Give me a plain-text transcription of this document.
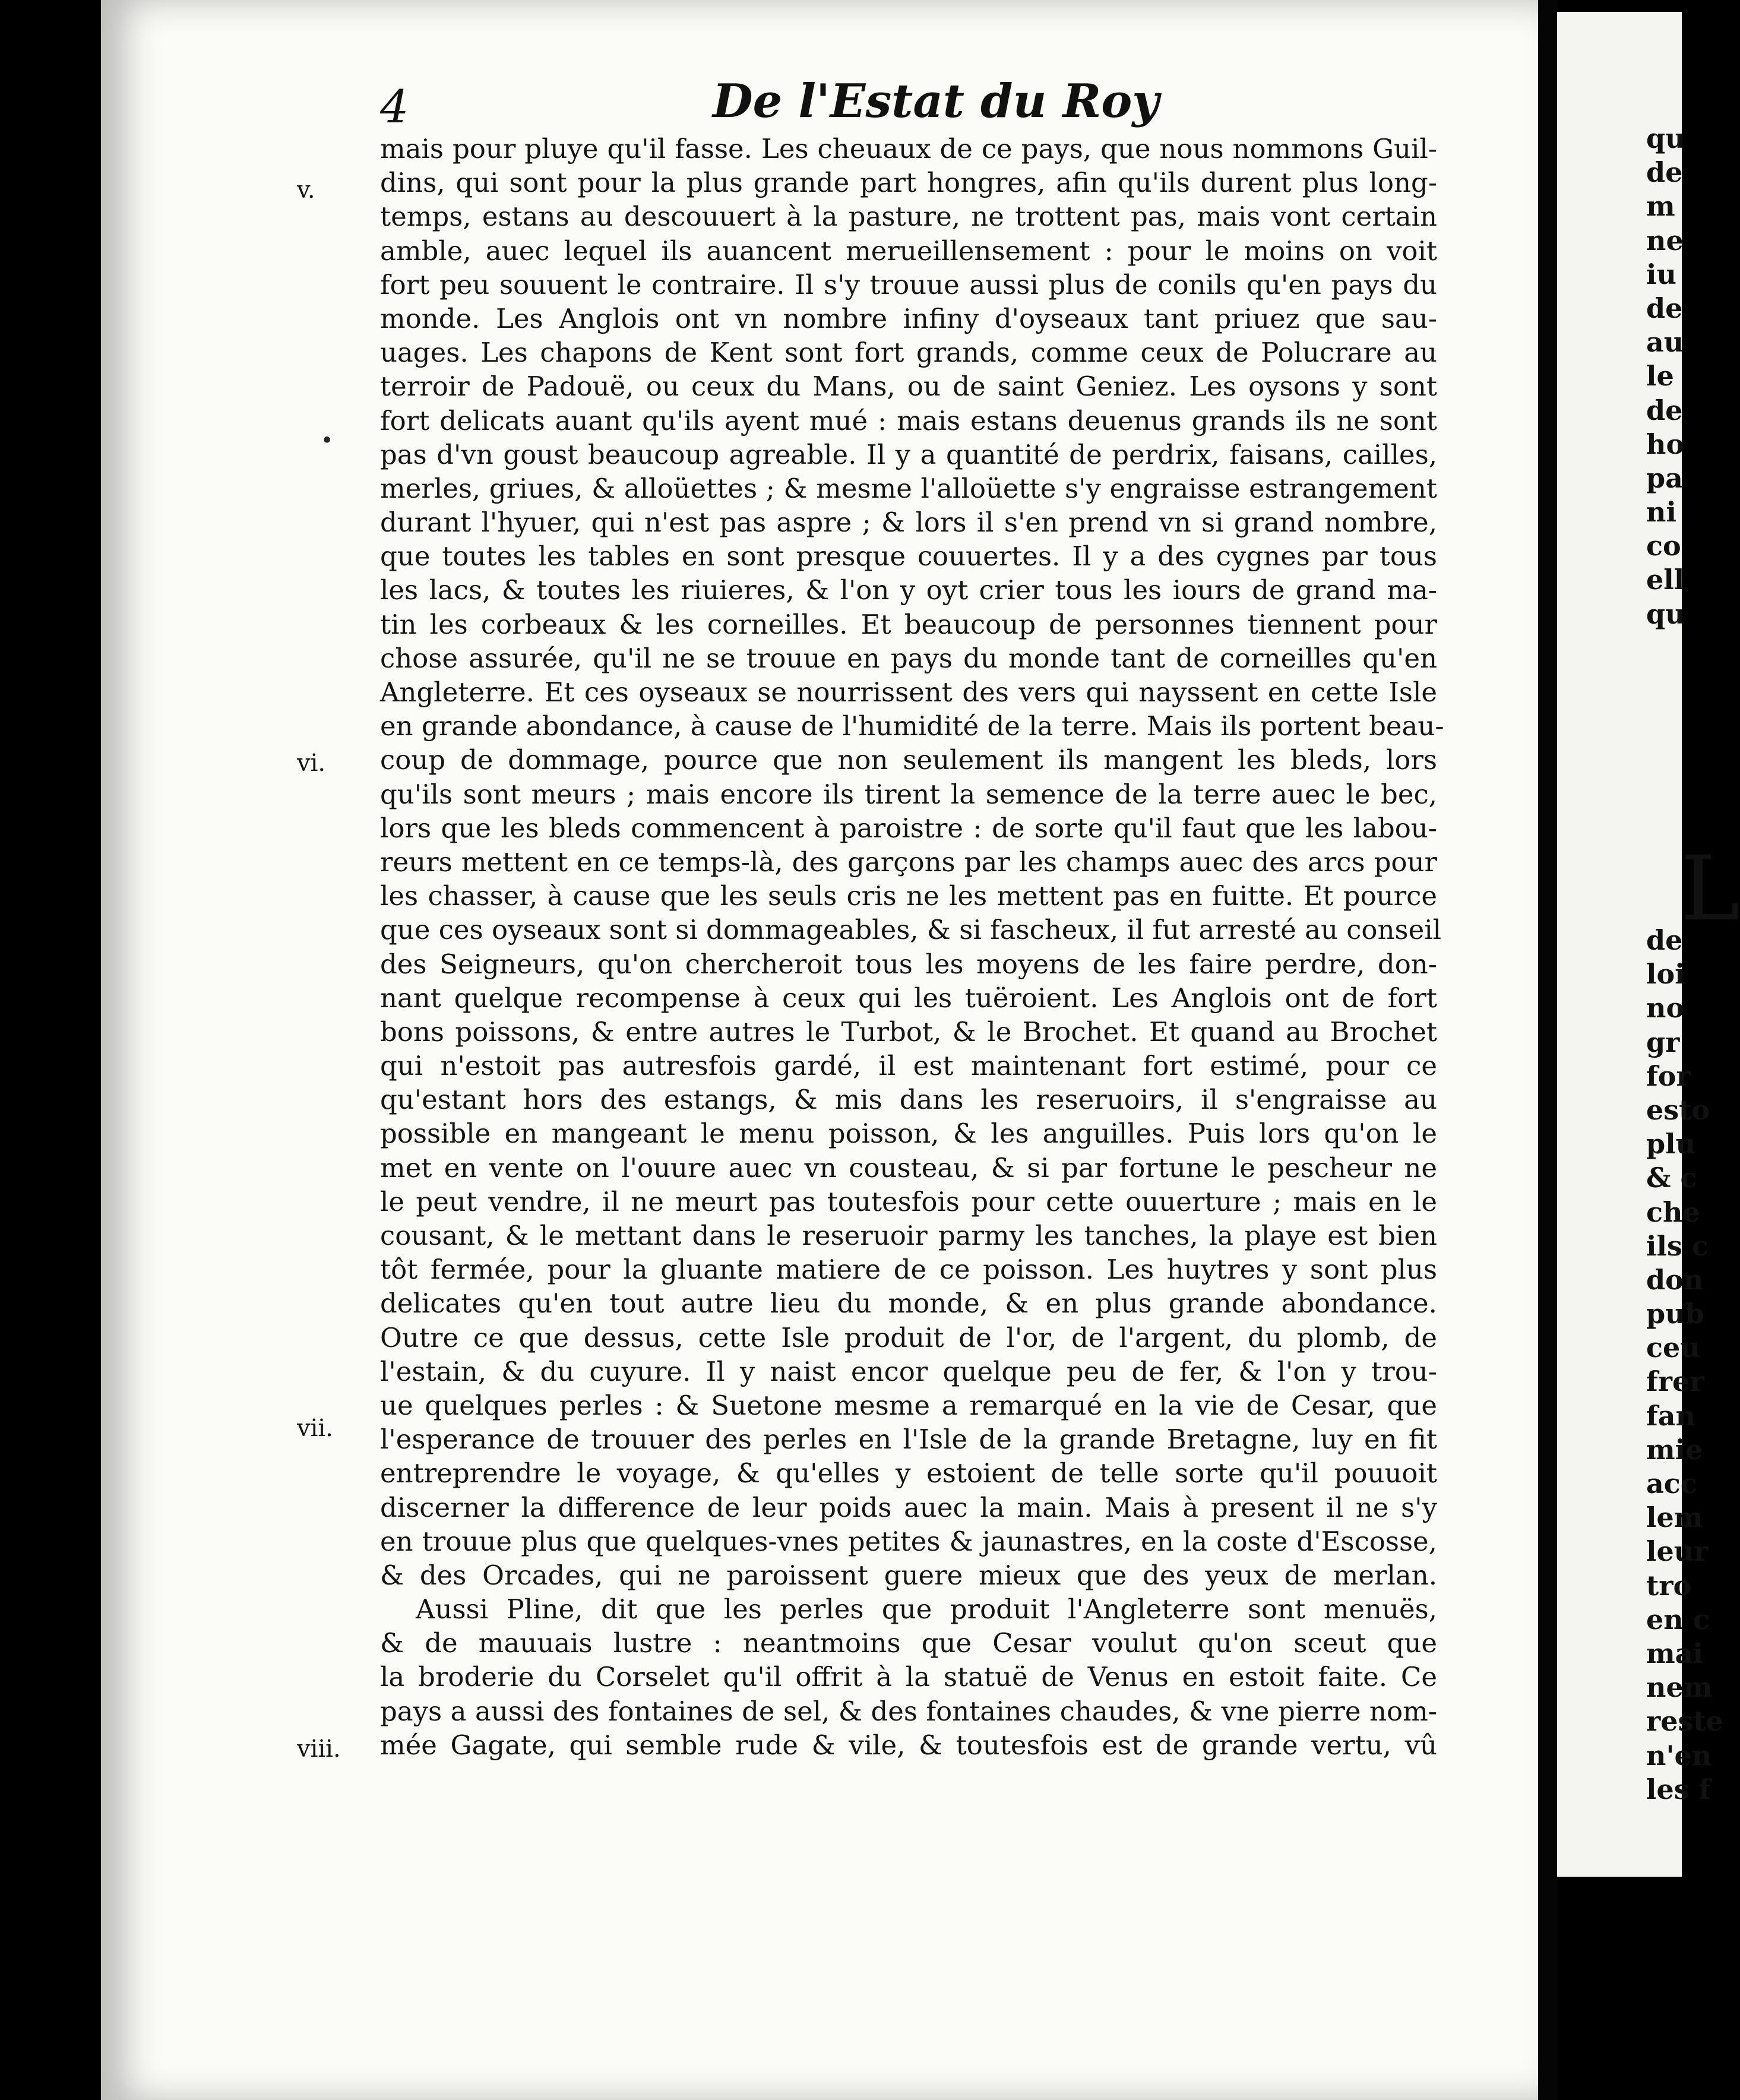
4	De l'Estat du Roy
v.
•
vi.
vii.
viii.
mais pour pluye qu'il fasse. Les cheuaux de ce pays, que nous nommons Guil-
dins, qui sont pour la plus grande part hongres, afin qu'ils durent plus long-
temps, estans au descouuert à la pasture, ne trottent pas, mais vont certain
amble, auec lequel ils auancent merueillensement : pour le moins on voit
fort peu souuent le contraire. Il s'y trouue aussi plus de conils qu'en pays du
monde. Les Anglois ont vn nombre infiny d'oyseaux tant priuez que sau-
uages. Les chapons de Kent sont fort grands, comme ceux de Polucrare au
terroir de Padouë, ou ceux du Mans, ou de saint Geniez. Les oysons y sont
fort delicats auant qu'ils ayent mué : mais estans deuenus grands ils ne sont
pas d'vn goust beaucoup agreable. Il y a quantité de perdrix, faisans, cailles,
merles, griues, & alloüettes ; & mesme l'alloüette s'y engraisse estrangement
durant l'hyuer, qui n'est pas aspre ; & lors il s'en prend vn si grand nombre,
que toutes les tables en sont presque couuertes. Il y a des cygnes par tous
les lacs, & toutes les riuieres, & l'on y oyt crier tous les iours de grand ma-
tin les corbeaux & les corneilles. Et beaucoup de personnes tiennent pour
chose assurée, qu'il ne se trouue en pays du monde tant de corneilles qu'en
Angleterre. Et ces oyseaux se nourrissent des vers qui nayssent en cette Isle
en grande abondance, à cause de l'humidité de la terre. Mais ils portent beau-
coup de dommage, pource que non seulement ils mangent les bleds, lors
qu'ils sont meurs ; mais encore ils tirent la semence de la terre auec le bec,
lors que les bleds commencent à paroistre : de sorte qu'il faut que les labou-
reurs mettent en ce temps-là, des garçons par les champs auec des arcs pour
les chasser, à cause que les seuls cris ne les mettent pas en fuitte. Et pource
que ces oyseaux sont si dommageables, & si fascheux, il fut arresté au conseil
des Seigneurs, qu'on chercheroit tous les moyens de les faire perdre, don-
nant quelque recompense à ceux qui les tuëroient. Les Anglois ont de fort
bons poissons, & entre autres le Turbot, & le Brochet. Et quand au Brochet
qui n'estoit pas autresfois gardé, il est maintenant fort estimé, pour ce
qu'estant hors des estangs, & mis dans les reseruoirs, il s'engraisse au
possible en mangeant le menu poisson, & les anguilles. Puis lors qu'on le
met en vente on l'ouure auec vn cousteau, & si par fortune le pescheur ne
le peut vendre, il ne meurt pas toutesfois pour cette ouuerture ; mais en le
cousant, & le mettant dans le reseruoir parmy les tanches, la playe est bien
tôt fermée, pour la gluante matiere de ce poisson. Les huytres y sont plus
delicates qu'en tout autre lieu du monde, & en plus grande abondance.
Outre ce que dessus, cette Isle produit de l'or, de l'argent, du plomb, de
l'estain, & du cuyure. Il y naist encor quelque peu de fer, & l'on y trou-
ue quelques perles : & Suetone mesme a remarqué en la vie de Cesar, que
l'esperance de trouuer des perles en l'Isle de la grande Bretagne, luy en fit
entreprendre le voyage, & qu'elles y estoient de telle sorte qu'il pouuoit
discerner la difference de leur poids auec la main. Mais à present il ne s'y
en trouue plus que quelques-vnes petites & jaunastres, en la coste d'Escosse,
& des Orcades, qui ne paroissent guere mieux que des yeux de merlan.
Aussi Pline, dit que les perles que produit l'Angleterre sont menuës,
& de mauuais lustre : neantmoins que Cesar voulut qu'on sceut que
la broderie du Corselet qu'il offrit à la statuë de Venus en estoit faite. Ce
pays a aussi des fontaines de sel, & des fontaines chaudes, & vne pierre nom-
mée Gagate, qui semble rude & vile, & toutesfois est de grande vertu, vû
qu
de
m
ne
iu
de
au
le
de
ho
pa
ni
co
ell
qu
L
de
loi
no
gr
for
esto
plu
& c
che
ils c
don
pub
ceu
frer
fan
mie
acc
lem
leur
tro
en c
mai
nem
reste
n'en
les f
